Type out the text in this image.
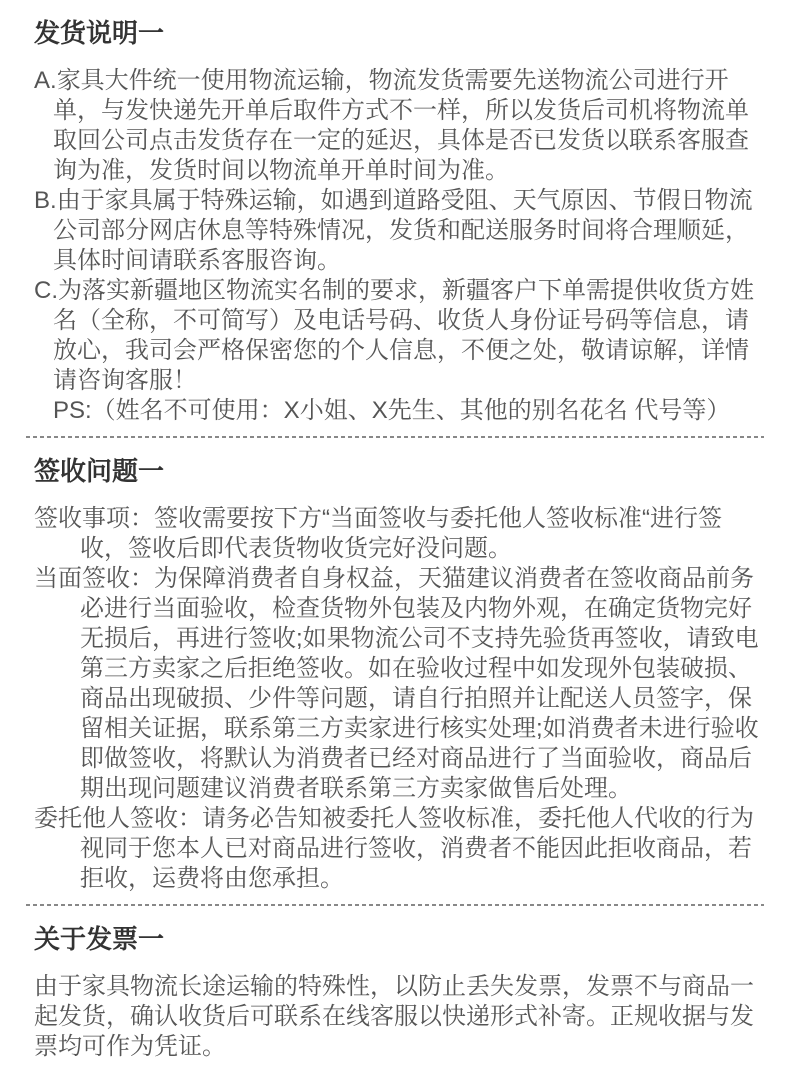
发货说明一
A.家具大件统一使用物流运输，物流发货需要先送物流公司进行开单，与发快递先开单后取件方式不一样，所以发货后司机将物流单取回公司点击发货存在一定的延迟，具体是否已发货以联系客服查询为准，发货时间以物流单开单时间为准。
B.由于家具属于特殊运输，如遇到道路受阻、天气原因、节假日物流公司部分网店休息等特殊情况，发货和配送服务时间将合理顺延，具体时间请联系客服咨询。
C.为落实新疆地区物流实名制的要求，新疆客户下单需提供收货方姓名（全称，不可简写）及电话号码、收货人身份证号码等信息，请放心，我司会严格保密您的个人信息，不便之处，敬请谅解，详情请咨询客服！
PS:（姓名不可使用：X小姐、X先生、其他的别名花名 代号等）
签收问题一
签收事项：签收需要按下方“当面签收与委托他人签收标准“进行签收，签收后即代表货物收货完好没问题。
当面签收：为保障消费者自身权益，天猫建议消费者在签收商品前务必进行当面验收，检查货物外包装及内物外观，在确定货物完好无损后，再进行签收;如果物流公司不支持先验货再签收，请致电第三方卖家之后拒绝签收。如在验收过程中如发现外包装破损、商品出现破损、少件等问题，请自行拍照并让配送人员签字，保留相关证据，联系第三方卖家进行核实处理;如消费者未进行验收即做签收，将默认为消费者已经对商品进行了当面验收，商品后期出现问题建议消费者联系第三方卖家做售后处理。
委托他人签收：请务必告知被委托人签收标准，委托他人代收的行为视同于您本人已对商品进行签收，消费者不能因此拒收商品，若拒收，运费将由您承担。
关于发票一
由于家具物流长途运输的特殊性，以防止丢失发票，发票不与商品一起发货，确认收货后可联系在线客服以快递形式补寄。正规收据与发票均可作为凭证。
